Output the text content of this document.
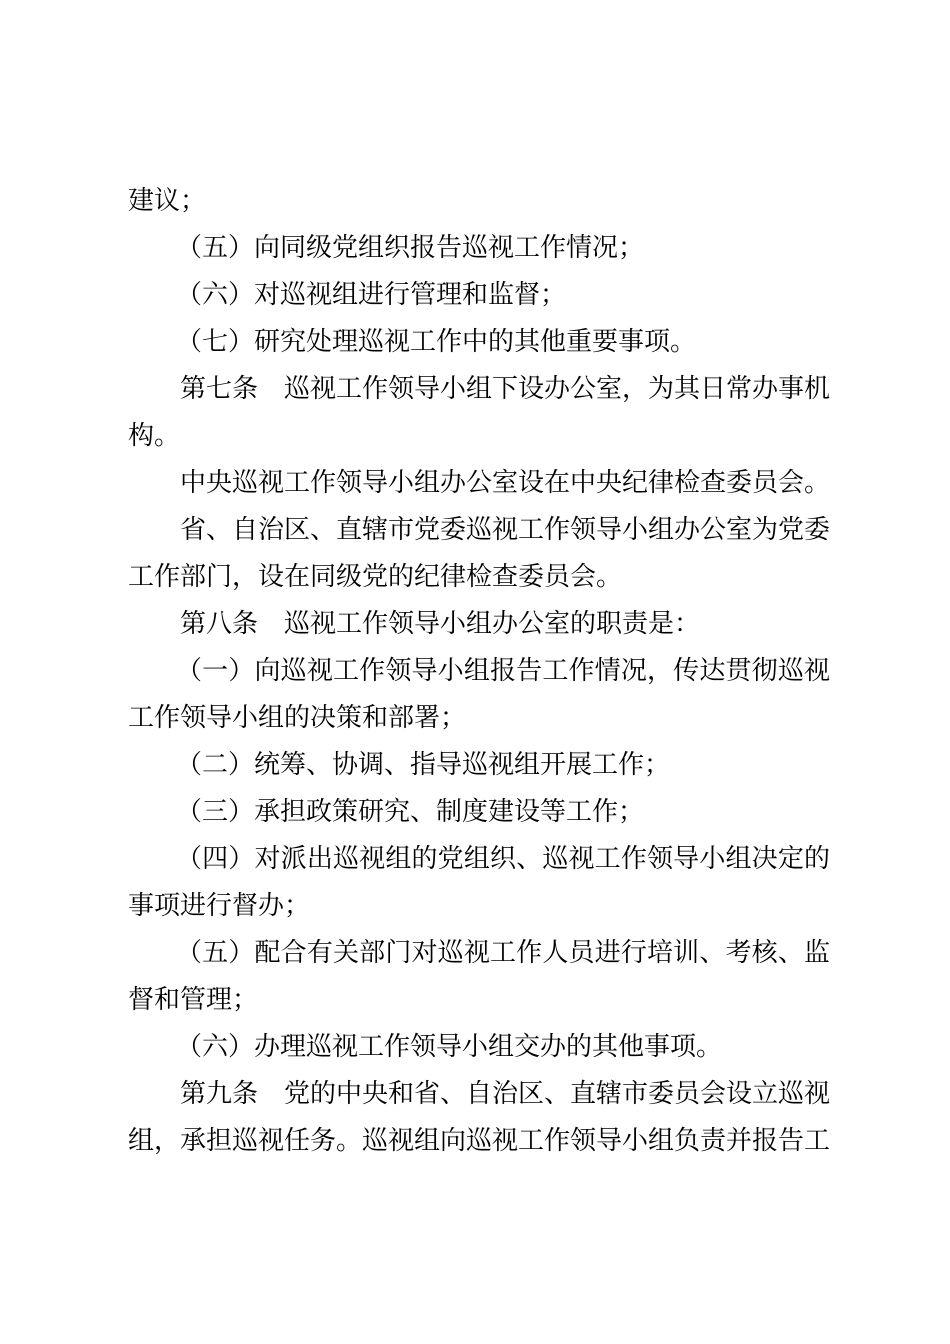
建议；
（五）向同级党组织报告巡视工作情况；
（六）对巡视组进行管理和监督；
（七）研究处理巡视工作中的其他重要事项。
第七条　巡视工作领导小组下设办公室，为其日常办事机
构。
中央巡视工作领导小组办公室设在中央纪律检查委员会。
省、自治区、直辖市党委巡视工作领导小组办公室为党委
工作部门，设在同级党的纪律检查委员会。
第八条　巡视工作领导小组办公室的职责是：
（一）向巡视工作领导小组报告工作情况，传达贯彻巡视
工作领导小组的决策和部署；
（二）统筹、协调、指导巡视组开展工作；
（三）承担政策研究、制度建设等工作；
（四）对派出巡视组的党组织、巡视工作领导小组决定的
事项进行督办；
（五）配合有关部门对巡视工作人员进行培训、考核、监
督和管理；
（六）办理巡视工作领导小组交办的其他事项。
第九条　党的中央和省、自治区、直辖市委员会设立巡视
组，承担巡视任务。巡视组向巡视工作领导小组负责并报告工
